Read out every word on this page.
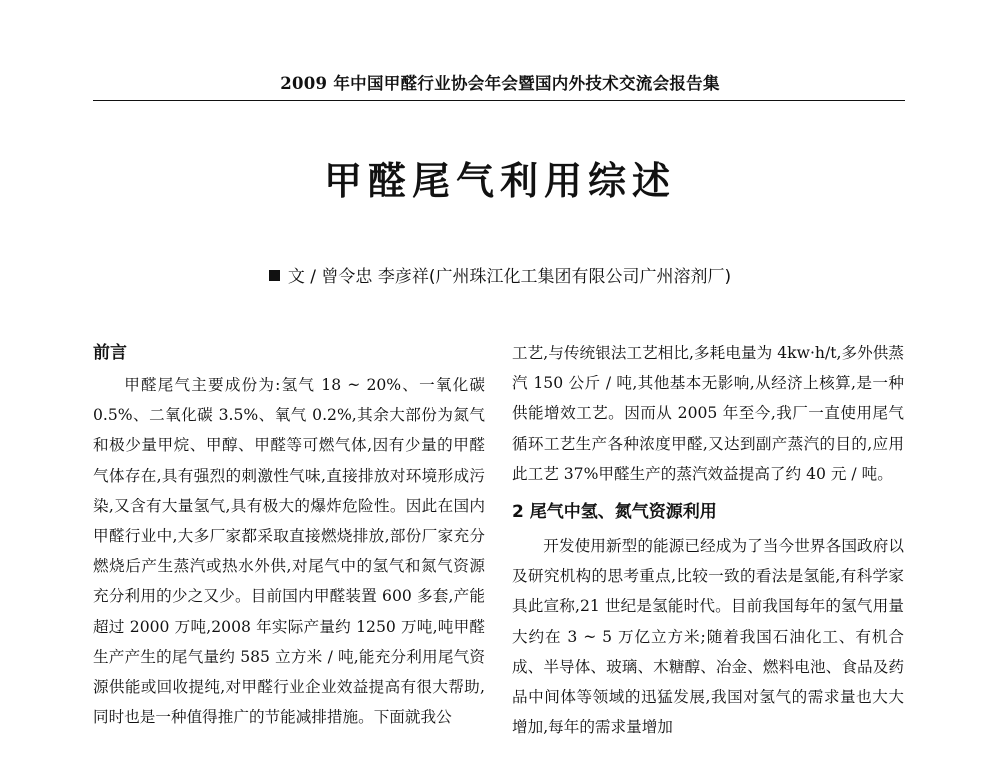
2009 年中国甲醛行业协会年会暨国内外技术交流会报告集
甲醛尾气利用综述
文 / 曾令忠 李彦祥(广州珠江化工集团有限公司广州溶剂厂)
前言

甲醛尾气主要成份为:氢气 18 ~ 20%、一氧化碳 0.5%、二氧化碳 3.5%、氧气 0.2%,其余大部份为氮气和极少量甲烷、甲醇、甲醛等可燃气体,因有少量的甲醛气体存在,具有强烈的刺激性气味,直接排放对环境形成污染,又含有大量氢气,具有极大的爆炸危险性。因此在国内甲醛行业中,大多厂家都采取直接燃烧排放,部份厂家充分燃烧后产生蒸汽或热水外供,对尾气中的氢气和氮气资源充分利用的少之又少。目前国内甲醛装置 600 多套,产能超过 2000 万吨,2008 年实际产量约 1250 万吨,吨甲醛生产产生的尾气量约 585 立方米 / 吨,能充分利用尾气资源供能或回收提纯,对甲醛行业企业效益提高有很大帮助,同时也是一种值得推广的节能减排措施。下面就我公

工艺,与传统银法工艺相比,多耗电量为 4kw·h/t,多外供蒸汽 150 公斤 / 吨,其他基本无影响,从经济上核算,是一种供能增效工艺。因而从 2005 年至今,我厂一直使用尾气循环工艺生产各种浓度甲醛,又达到副产蒸汽的目的,应用此工艺 37%甲醛生产的蒸汽效益提高了约 40 元 / 吨。

2 尾气中氢、氮气资源利用

开发使用新型的能源已经成为了当今世界各国政府以及研究机构的思考重点,比较一致的看法是氢能,有科学家具此宣称,21 世纪是氢能时代。目前我国每年的氢气用量大约在 3 ~ 5 万亿立方米;随着我国石油化工、有机合成、半导体、玻璃、木糖醇、冶金、燃料电池、食品及药品中间体等领域的迅猛发展,我国对氢气的需求量也大大增加,每年的需求量增加
